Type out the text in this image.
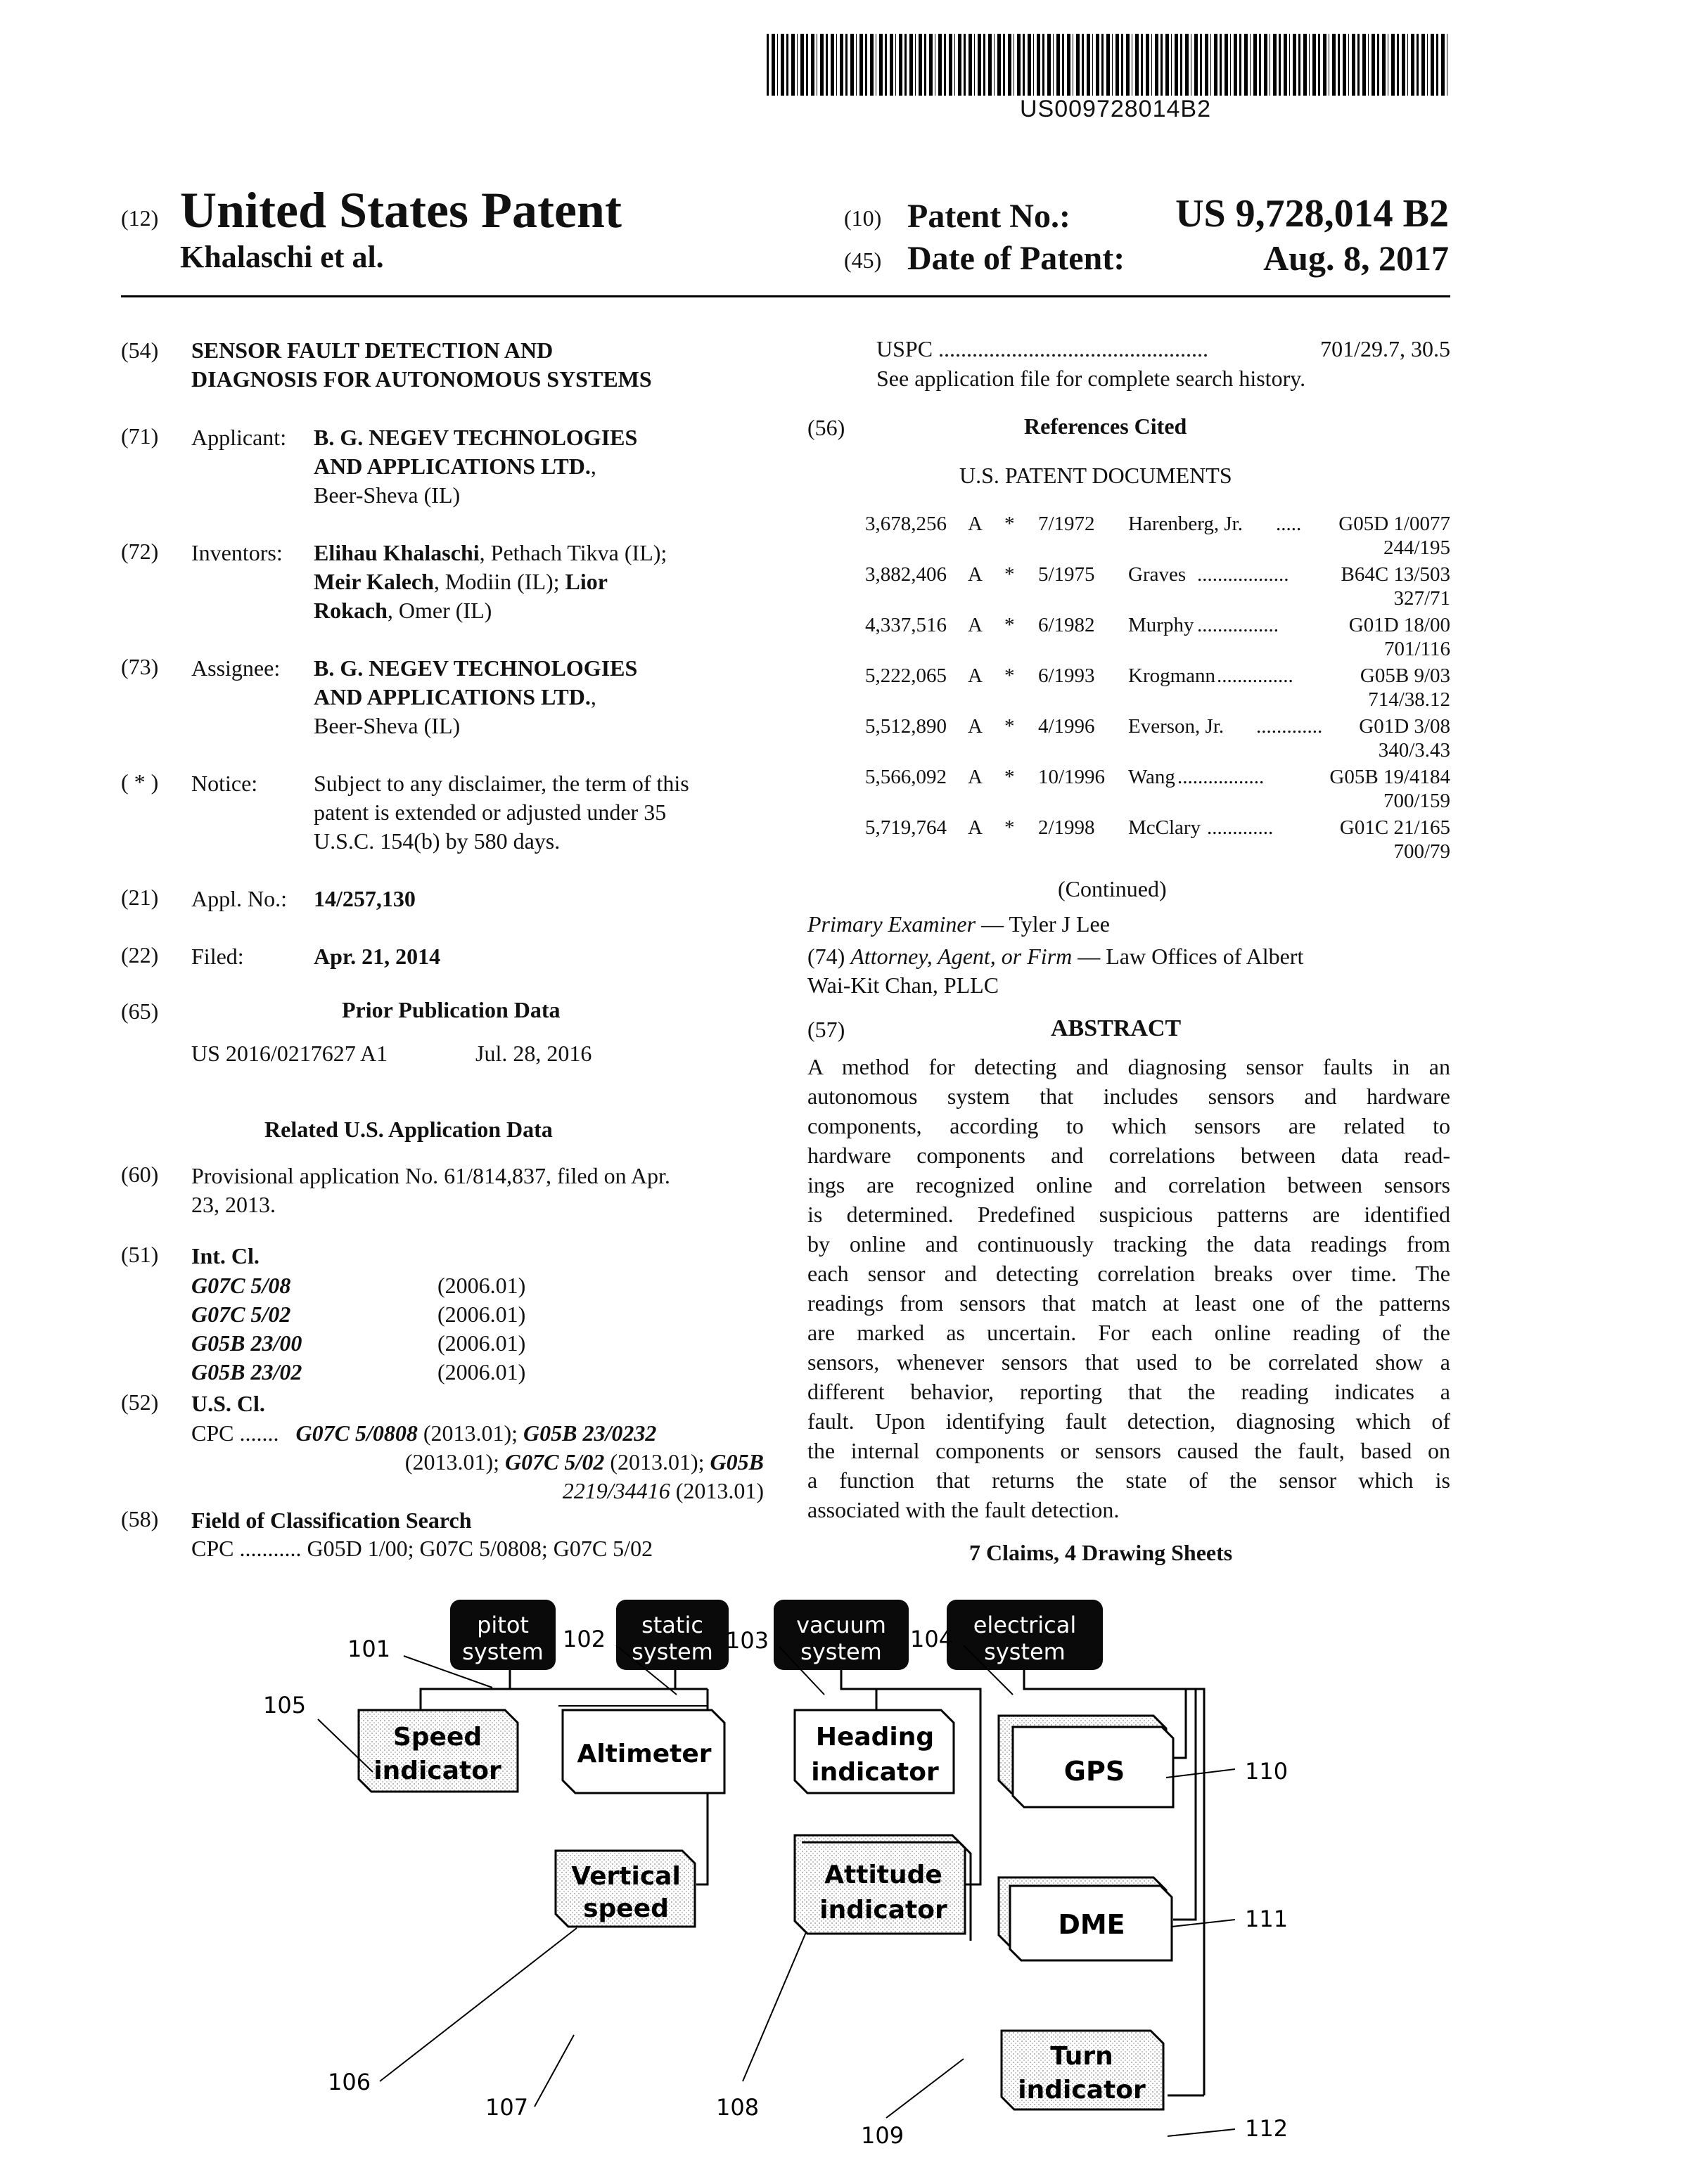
US009728014B2
(12) United States Patent
Khalaschi et al.
(10) Patent No.:	US 9,728,014 B2
(45) Date of Patent:	Aug. 8, 2017
(54) SENSOR FAULT DETECTION AND
DIAGNOSIS FOR AUTONOMOUS SYSTEMS
(71) Applicant: B. G. NEGEV TECHNOLOGIES
AND APPLICATIONS LTD.,
Beer-Sheva (IL)
(72) Inventors: Elihau Khalaschi, Pethach Tikva (IL);
Meir Kalech, Modiin (IL); Lior
Rokach, Omer (IL)
(73) Assignee: B. G. NEGEV TECHNOLOGIES
AND APPLICATIONS LTD.,
Beer-Sheva (IL)
( * ) Notice: Subject to any disclaimer, the term of this
patent is extended or adjusted under 35
U.S.C. 154(b) by 580 days.
(21) Appl. No.: 14/257,130
(22) Filed:	Apr. 21, 2014
(65)	Prior Publication Data
US 2016/0217627 A1	Jul. 28, 2016
Related U.S. Application Data
(60) Provisional application No. 61/814,837, filed on Apr.
23, 2013.
(51) Int. Cl.
G07C 5/08	(2006.01)
G07C 5/02	(2006.01)
G05B 23/00	(2006.01)
G05B 23/02	(2006.01)
(52) U.S. Cl.
CPC ....... G07C 5/0808 (2013.01); G05B 23/0232
(2013.01); G07C 5/02 (2013.01); G05B
2219/34416 (2013.01)
(58) Field of Classification Search
CPC ........... G05D 1/00; G07C 5/0808; G07C 5/02
USPC ................................................	701/29.7, 30.5
See application file for complete search history.
(56)	References Cited
U.S. PATENT DOCUMENTS
3,678,256 A * 7/1972 Harenberg, Jr. ..... G05D 1/0077
244/195
3,882,406 A * 5/1975 Graves ..................	B64C 13/503
327/71
4,337,516 A * 6/1982 Murphy ................	G01D 18/00
701/116
5,222,065 A * 6/1993 Krogmann ...............	G05B 9/03
714/38.12
5,512,890 A * 4/1996 Everson, Jr. ............. G01D 3/08
340/3.43
5,566,092 A * 10/1996 Wang .................	G05B 19/4184
700/159
5,719,764 A * 2/1998 McClary .............	G01C 21/165
700/79
(Continued)
Primary Examiner — Tyler J Lee
(74) Attorney, Agent, or Firm — Law Offices of Albert
Wai-Kit Chan, PLLC
(57)	ABSTRACT
A method for detecting and diagnosing sensor faults in an
autonomous system that includes sensors and hardware
components, according to which sensors are related to
hardware components and correlations between data read-
ings are recognized online and correlation between sensors
is determined. Predefined suspicious patterns are identified
by online and continuously tracking the data readings from
each sensor and detecting correlation breaks over time. The
readings from sensors that match at least one of the patterns
are marked as uncertain. For each online reading of the
sensors, whenever sensors that used to be correlated show a
different behavior, reporting that the reading indicates a
fault. Upon identifying fault detection, diagnosing which of
the internal components or sensors caused the fault, based on
a function that returns the state of the sensor which is
associated with the fault detection.
7 Claims, 4 Drawing Sheets
pitot
system
static
system
vacuum
system
electrical
system
Speed
indicator
Altimeter
Vertical
speed
Heading
indicator
Attitude
indicator
GPS
DME
Turn
indicator
101	102	103	104
105
106
107	108
109
110
111
112
